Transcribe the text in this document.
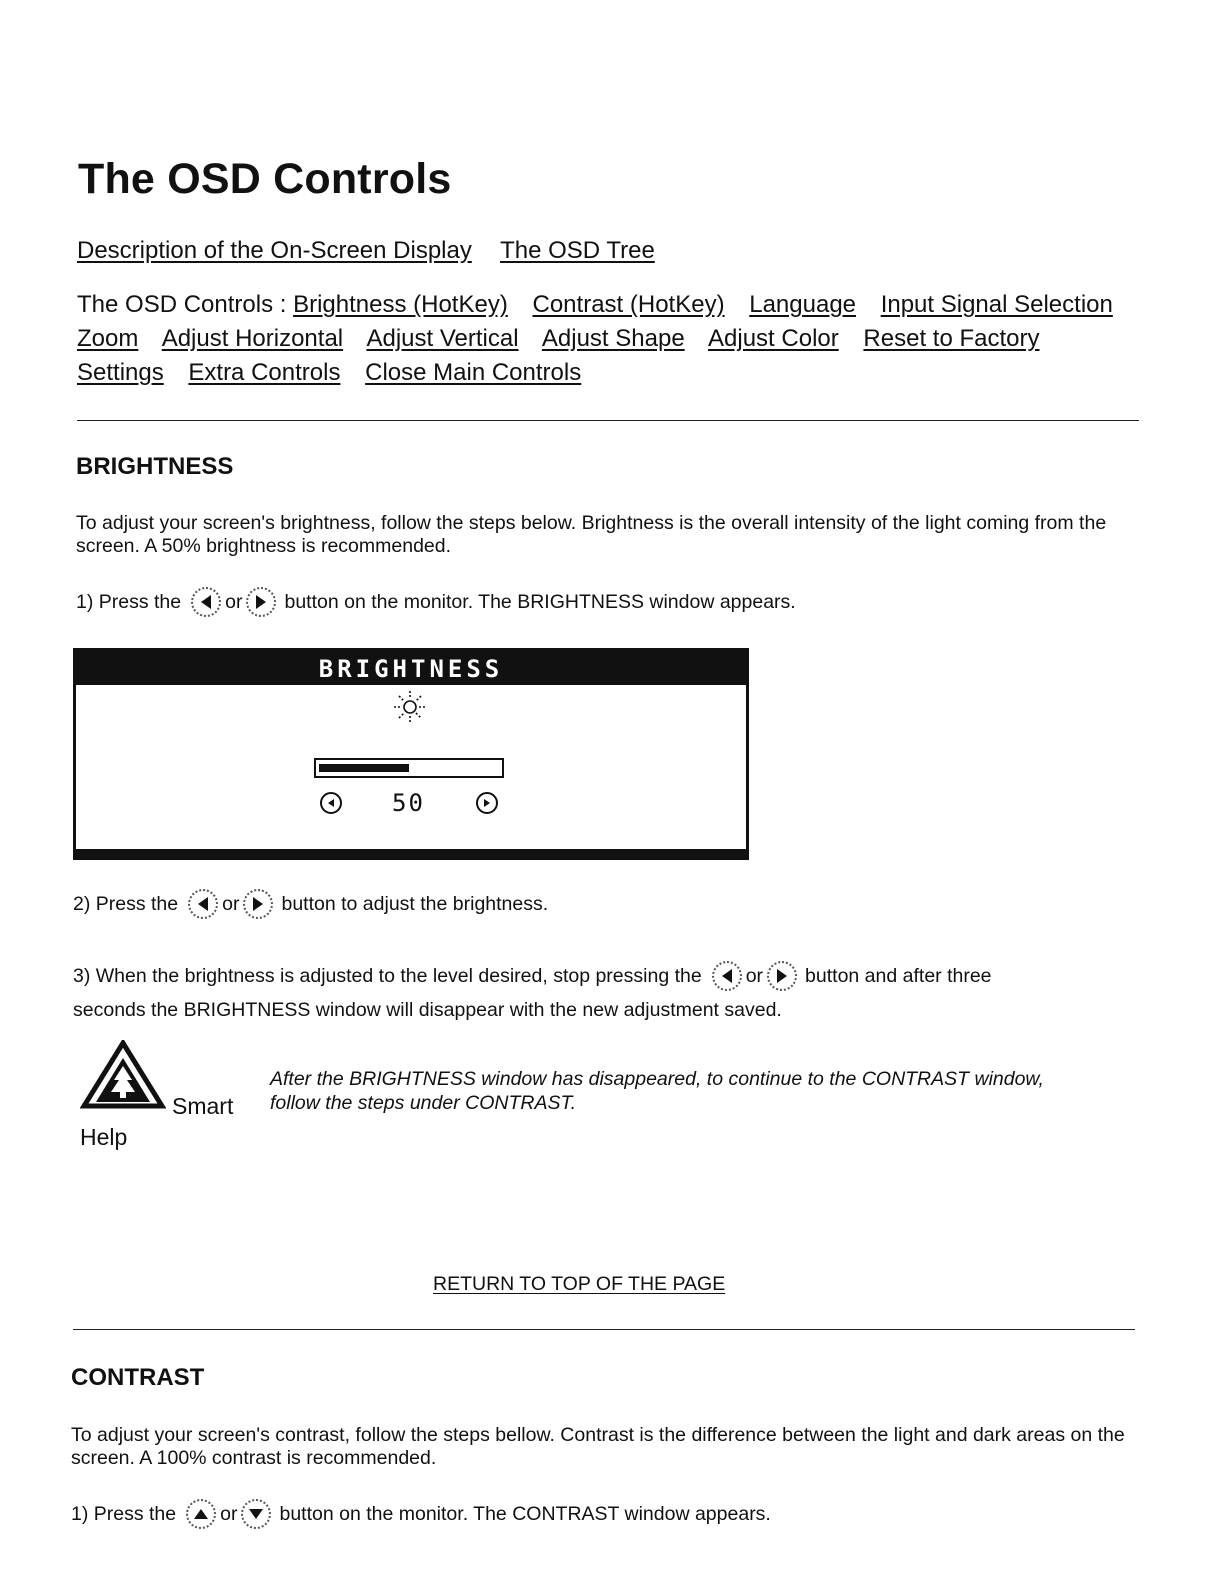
The OSD Controls
Description of the On-Screen Display The OSD Tree
The OSD Controls : Brightness (HotKey) Contrast (HotKey) Language Input Signal Selection Zoom Adjust Horizontal Adjust Vertical Adjust Shape Adjust Color Reset to Factory Settings Extra Controls Close Main Controls
BRIGHTNESS
To adjust your screen's brightness, follow the steps below. Brightness is the overall intensity of the light coming from the screen. A 50% brightness is recommended.
1) Press the or button on the monitor. The BRIGHTNESS window appears.
BRIGHTNESS
50
2) Press the or button to adjust the brightness.
3) When the brightness is adjusted to the level desired, stop pressing the or button and after three
seconds the BRIGHTNESS window will disappear with the new adjustment saved.
Smart
Help
After the BRIGHTNESS window has disappeared, to continue to the CONTRAST window, follow the steps under CONTRAST.
RETURN TO TOP OF THE PAGE
CONTRAST
To adjust your screen's contrast, follow the steps bellow. Contrast is the difference between the light and dark areas on the screen. A 100% contrast is recommended.
1) Press the or button on the monitor. The CONTRAST window appears.
